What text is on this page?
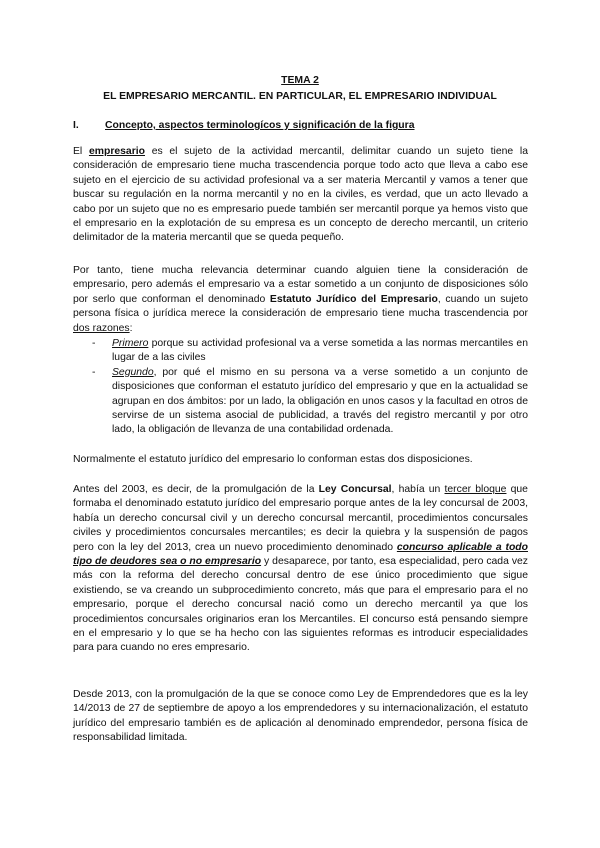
TEMA 2
EL EMPRESARIO MERCANTIL. EN PARTICULAR, EL EMPRESARIO INDIVIDUAL
I.	Concepto, aspectos terminologícos y significación de la figura

El empresario es el sujeto de la actividad mercantil, delimitar cuando un sujeto tiene la consideración de empresario tiene mucha trascendencia porque todo acto que lleva a cabo ese sujeto en el ejercicio de su actividad profesional va a ser materia Mercantil y vamos a tener que buscar su regulación en la norma mercantil y no en la civiles, es verdad, que un acto llevado a cabo por un sujeto que no es empresario puede también ser mercantil porque ya hemos visto que el empresario en la explotación de su empresa es un concepto de derecho mercantil, un criterio delimitador de la materia mercantil que se queda pequeño.

Por tanto, tiene mucha relevancia determinar cuando alguien tiene la consideración de empresario, pero además el empresario va a estar sometido a un conjunto de disposiciones sólo por serlo que conforman el denominado Estatuto Jurídico del Empresario, cuando un sujeto persona física o jurídica merece la consideración de empresario tiene mucha trascendencia por dos razones:

- Primero porque su actividad profesional va a verse sometida a las normas mercantiles en lugar de a las civiles
- Segundo, por qué el mismo en su persona va a verse sometido a un conjunto de disposiciones que conforman el estatuto jurídico del empresario y que en la actualidad se agrupan en dos ámbitos: por un lado, la obligación en unos casos y la facultad en otros de servirse de un sistema asocial de publicidad, a través del registro mercantil y por otro lado, la obligación de llevanza de una contabilidad ordenada.

Normalmente el estatuto jurídico del empresario lo conforman estas dos disposiciones.

Antes del 2003, es decir, de la promulgación de la Ley Concursal, había un tercer bloque que formaba el denominado estatuto jurídico del empresario porque antes de la ley concursal de 2003, había un derecho concursal civil y un derecho concursal mercantil, procedimientos concursales civiles y procedimientos concursales mercantiles; es decir la quiebra y la suspensión de pagos pero con la ley del 2013, crea un nuevo procedimiento denominado concurso aplicable a todo tipo de deudores sea o no empresario y desaparece, por tanto, esa especialidad, pero cada vez más con la reforma del derecho concursal dentro de ese único procedimiento que sigue existiendo, se va creando un subprocedimiento concreto, más que para el empresario para el no empresario, porque el derecho concursal nació como un derecho mercantil ya que los procedimientos concursales originarios eran los Mercantiles. El concurso está pensando siempre en el empresario y lo que se ha hecho con las siguientes reformas es introducir especialidades para para cuando no eres empresario.

Desde 2013, con la promulgación de la que se conoce como Ley de Emprendedores que es la ley 14/2013 de 27 de septiembre de apoyo a los emprendedores y su internacionalización, el estatuto jurídico del empresario también es de aplicación al denominado emprendedor, persona física de responsabilidad limitada.
